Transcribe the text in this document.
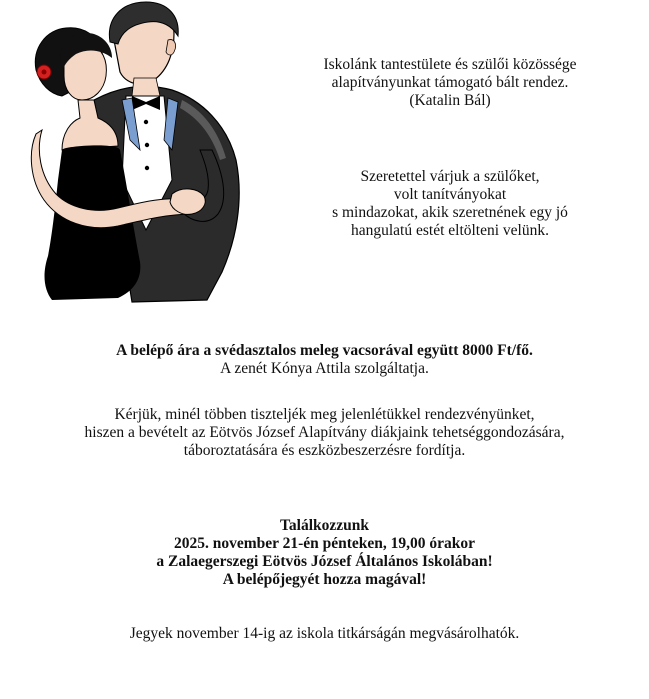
Iskolánk tantestülete és szülői közössége

alapítványunkat támogató bált rendez.

(Katalin Bál)

Szeretettel várjuk a szülőket,

volt tanítványokat

s mindazokat, akik szeretnének egy jó

hangulatú estét eltölteni velünk.

A belépő ára a svédasztalos meleg vacsorával együtt 8000 Ft/fő.

A zenét Kónya Attila szolgáltatja.

Kérjük, minél többen tiszteljék meg jelenlétükkel rendezvényünket,

hiszen a bevételt az Eötvös József Alapítvány diákjaink tehetséggondozására,

táboroztatására és eszközbeszerzésre fordítja.

Találkozzunk

2025. november 21-én pénteken, 19,00 órakor

a Zalaegerszegi Eötvös József Általános Iskolában!

A belépőjegyét hozza magával!

Jegyek november 14-ig az iskola titkárságán megvásárolhatók.
